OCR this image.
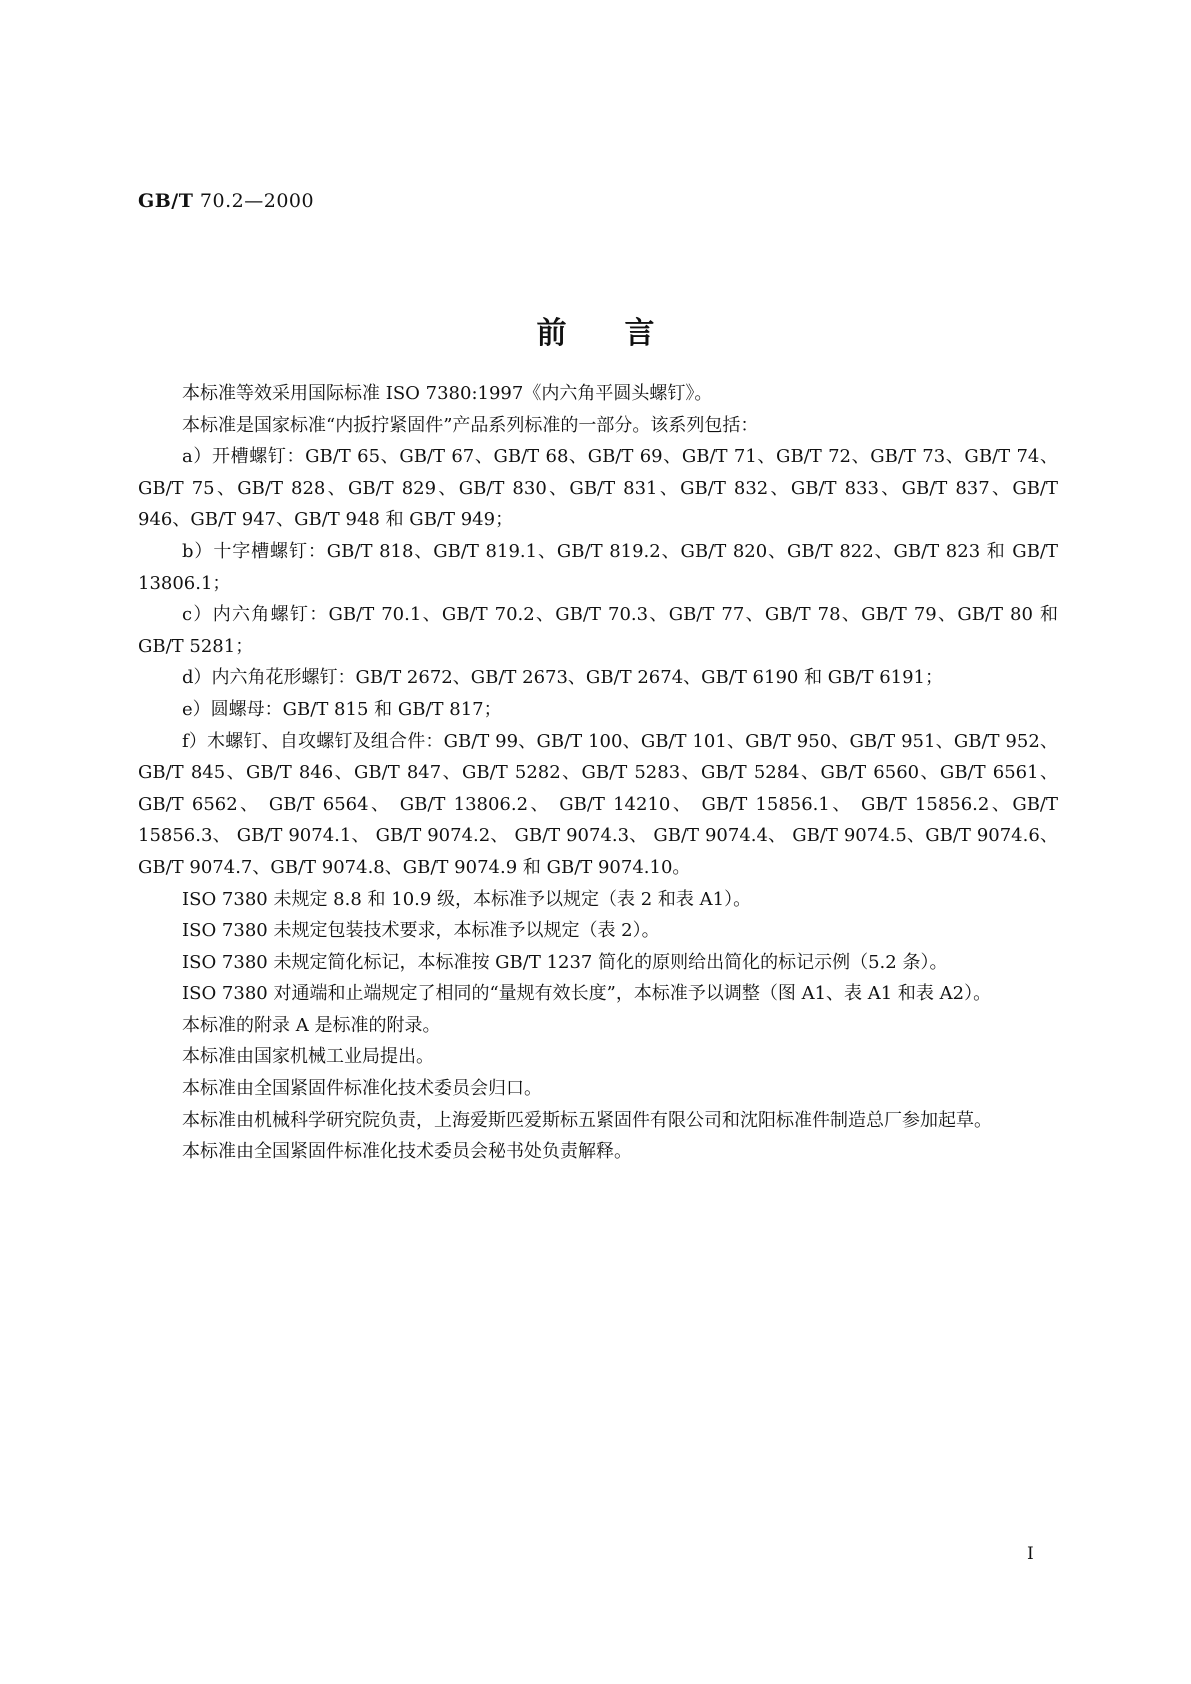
GB/T 70.2—2000
前言

本标准等效采用国际标准 ISO 7380:1997《内六角平圆头螺钉》。

本标准是国家标准“内扳拧紧固件”产品系列标准的一部分。该系列包括：

a）开槽螺钉：GB/T 65、GB/T 67、GB/T 68、GB/T 69、GB/T 71、GB/T 72、GB/T 73、GB/T 74、GB/T 75、GB/T 828、GB/T 829、GB/T 830、GB/T 831、GB/T 832、GB/T 833、GB/T 837、GB/T 946、GB/T 947、GB/T 948 和 GB/T 949；

b）十字槽螺钉：GB/T 818、GB/T 819.1、GB/T 819.2、GB/T 820、GB/T 822、GB/T 823 和 GB/T 13806.1；

c）内六角螺钉：GB/T 70.1、GB/T 70.2、GB/T 70.3、GB/T 77、GB/T 78、GB/T 79、GB/T 80 和 GB/T 5281；

d）内六角花形螺钉：GB/T 2672、GB/T 2673、GB/T 2674、GB/T 6190 和 GB/T 6191；

e）圆螺母：GB/T 815 和 GB/T 817；

f）木螺钉、自攻螺钉及组合件：GB/T 99、GB/T 100、GB/T 101、GB/T 950、GB/T 951、GB/T 952、GB/T 845、GB/T 846、GB/T 847、GB/T 5282、GB/T 5283、GB/T 5284、GB/T 6560、GB/T 6561、GB/T 6562、 GB/T 6564、 GB/T 13806.2、 GB/T 14210、 GB/T 15856.1、 GB/T 15856.2、GB/T 15856.3、 GB/T 9074.1、 GB/T 9074.2、 GB/T 9074.3、 GB/T 9074.4、 GB/T 9074.5、GB/T 9074.6、GB/T 9074.7、GB/T 9074.8、GB/T 9074.9 和 GB/T 9074.10。

ISO 7380 未规定 8.8 和 10.9 级，本标准予以规定（表 2 和表 A1）。

ISO 7380 未规定包装技术要求，本标准予以规定（表 2）。

ISO 7380 未规定简化标记，本标准按 GB/T 1237 简化的原则给出简化的标记示例（5.2 条）。

ISO 7380 对通端和止端规定了相同的“量规有效长度”，本标准予以调整（图 A1、表 A1 和表 A2）。

本标准的附录 A 是标准的附录。

本标准由国家机械工业局提出。

本标准由全国紧固件标准化技术委员会归口。

本标准由机械科学研究院负责，上海爱斯匹爱斯标五紧固件有限公司和沈阳标准件制造总厂参加起草。

本标准由全国紧固件标准化技术委员会秘书处负责解释。

I
